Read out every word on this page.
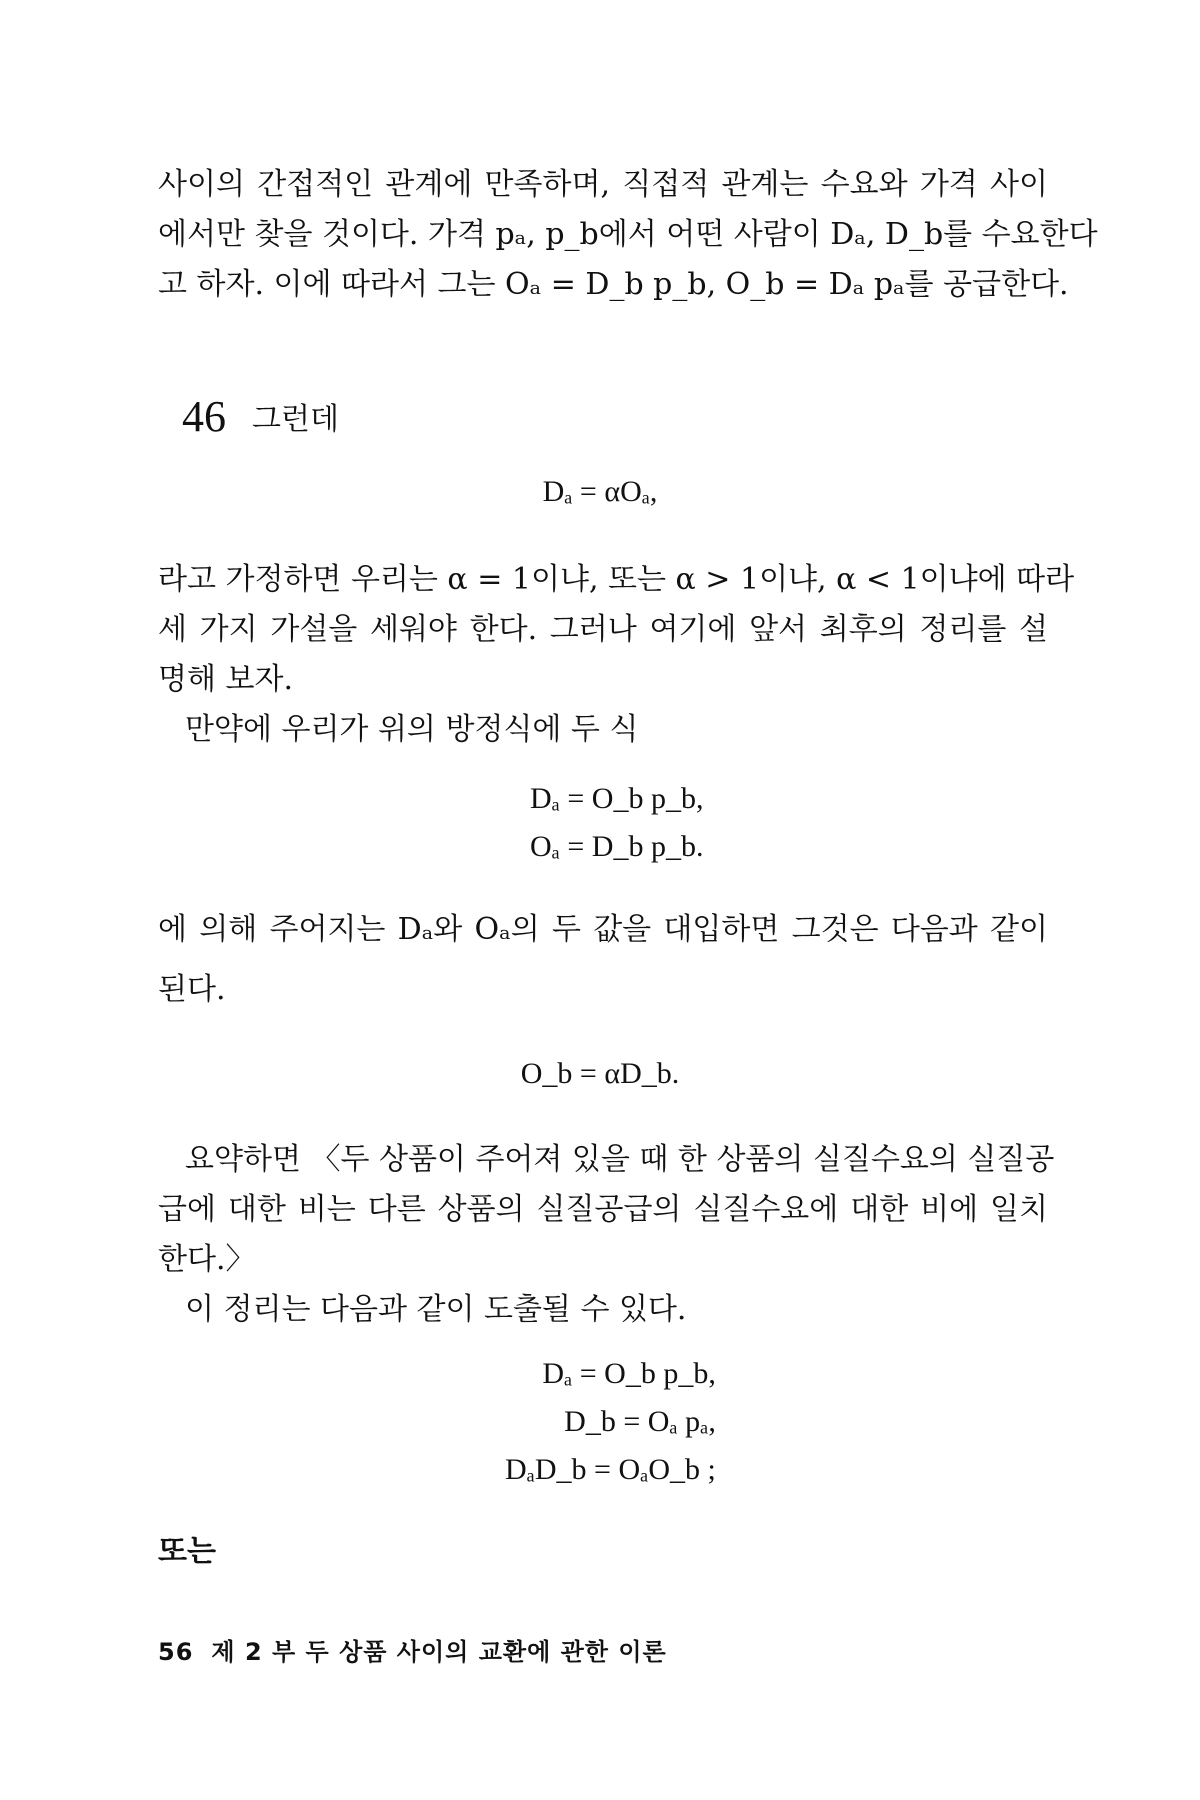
사이의 간접적인 관계에 만족하며, 직접적 관계는 수요와 가격 사이
에서만 찾을 것이다. 가격 pₐ, p_b에서 어떤 사람이 Dₐ, D_b를 수요한다
고 하자. 이에 따라서 그는 Oₐ = D_b p_b, O_b = Dₐ pₐ를 공급한다.
46 그런데
Dₐ = αOₐ,
라고 가정하면 우리는 α = 1이냐, 또는 α > 1이냐, α < 1이냐에 따라
세 가지 가설을 세워야 한다. 그러나 여기에 앞서 최후의 정리를 설
명해 보자.
만약에 우리가 위의 방정식에 두 식
Dₐ = O_b p_b,
Oₐ = D_b p_b.
에 의해 주어지는 Dₐ와 Oₐ의 두 값을 대입하면 그것은 다음과 같이
된다.
O_b = αD_b.
요약하면 〈두 상품이 주어져 있을 때 한 상품의 실질수요의 실질공
급에 대한 비는 다른 상품의 실질공급의 실질수요에 대한 비에 일치
한다.〉
이 정리는 다음과 같이 도출될 수 있다.
Dₐ = O_b p_b,
D_b = Oₐ pₐ,
DₐD_b = OₐO_b ;
또는
56 제 2 부 두 상품 사이의 교환에 관한 이론
